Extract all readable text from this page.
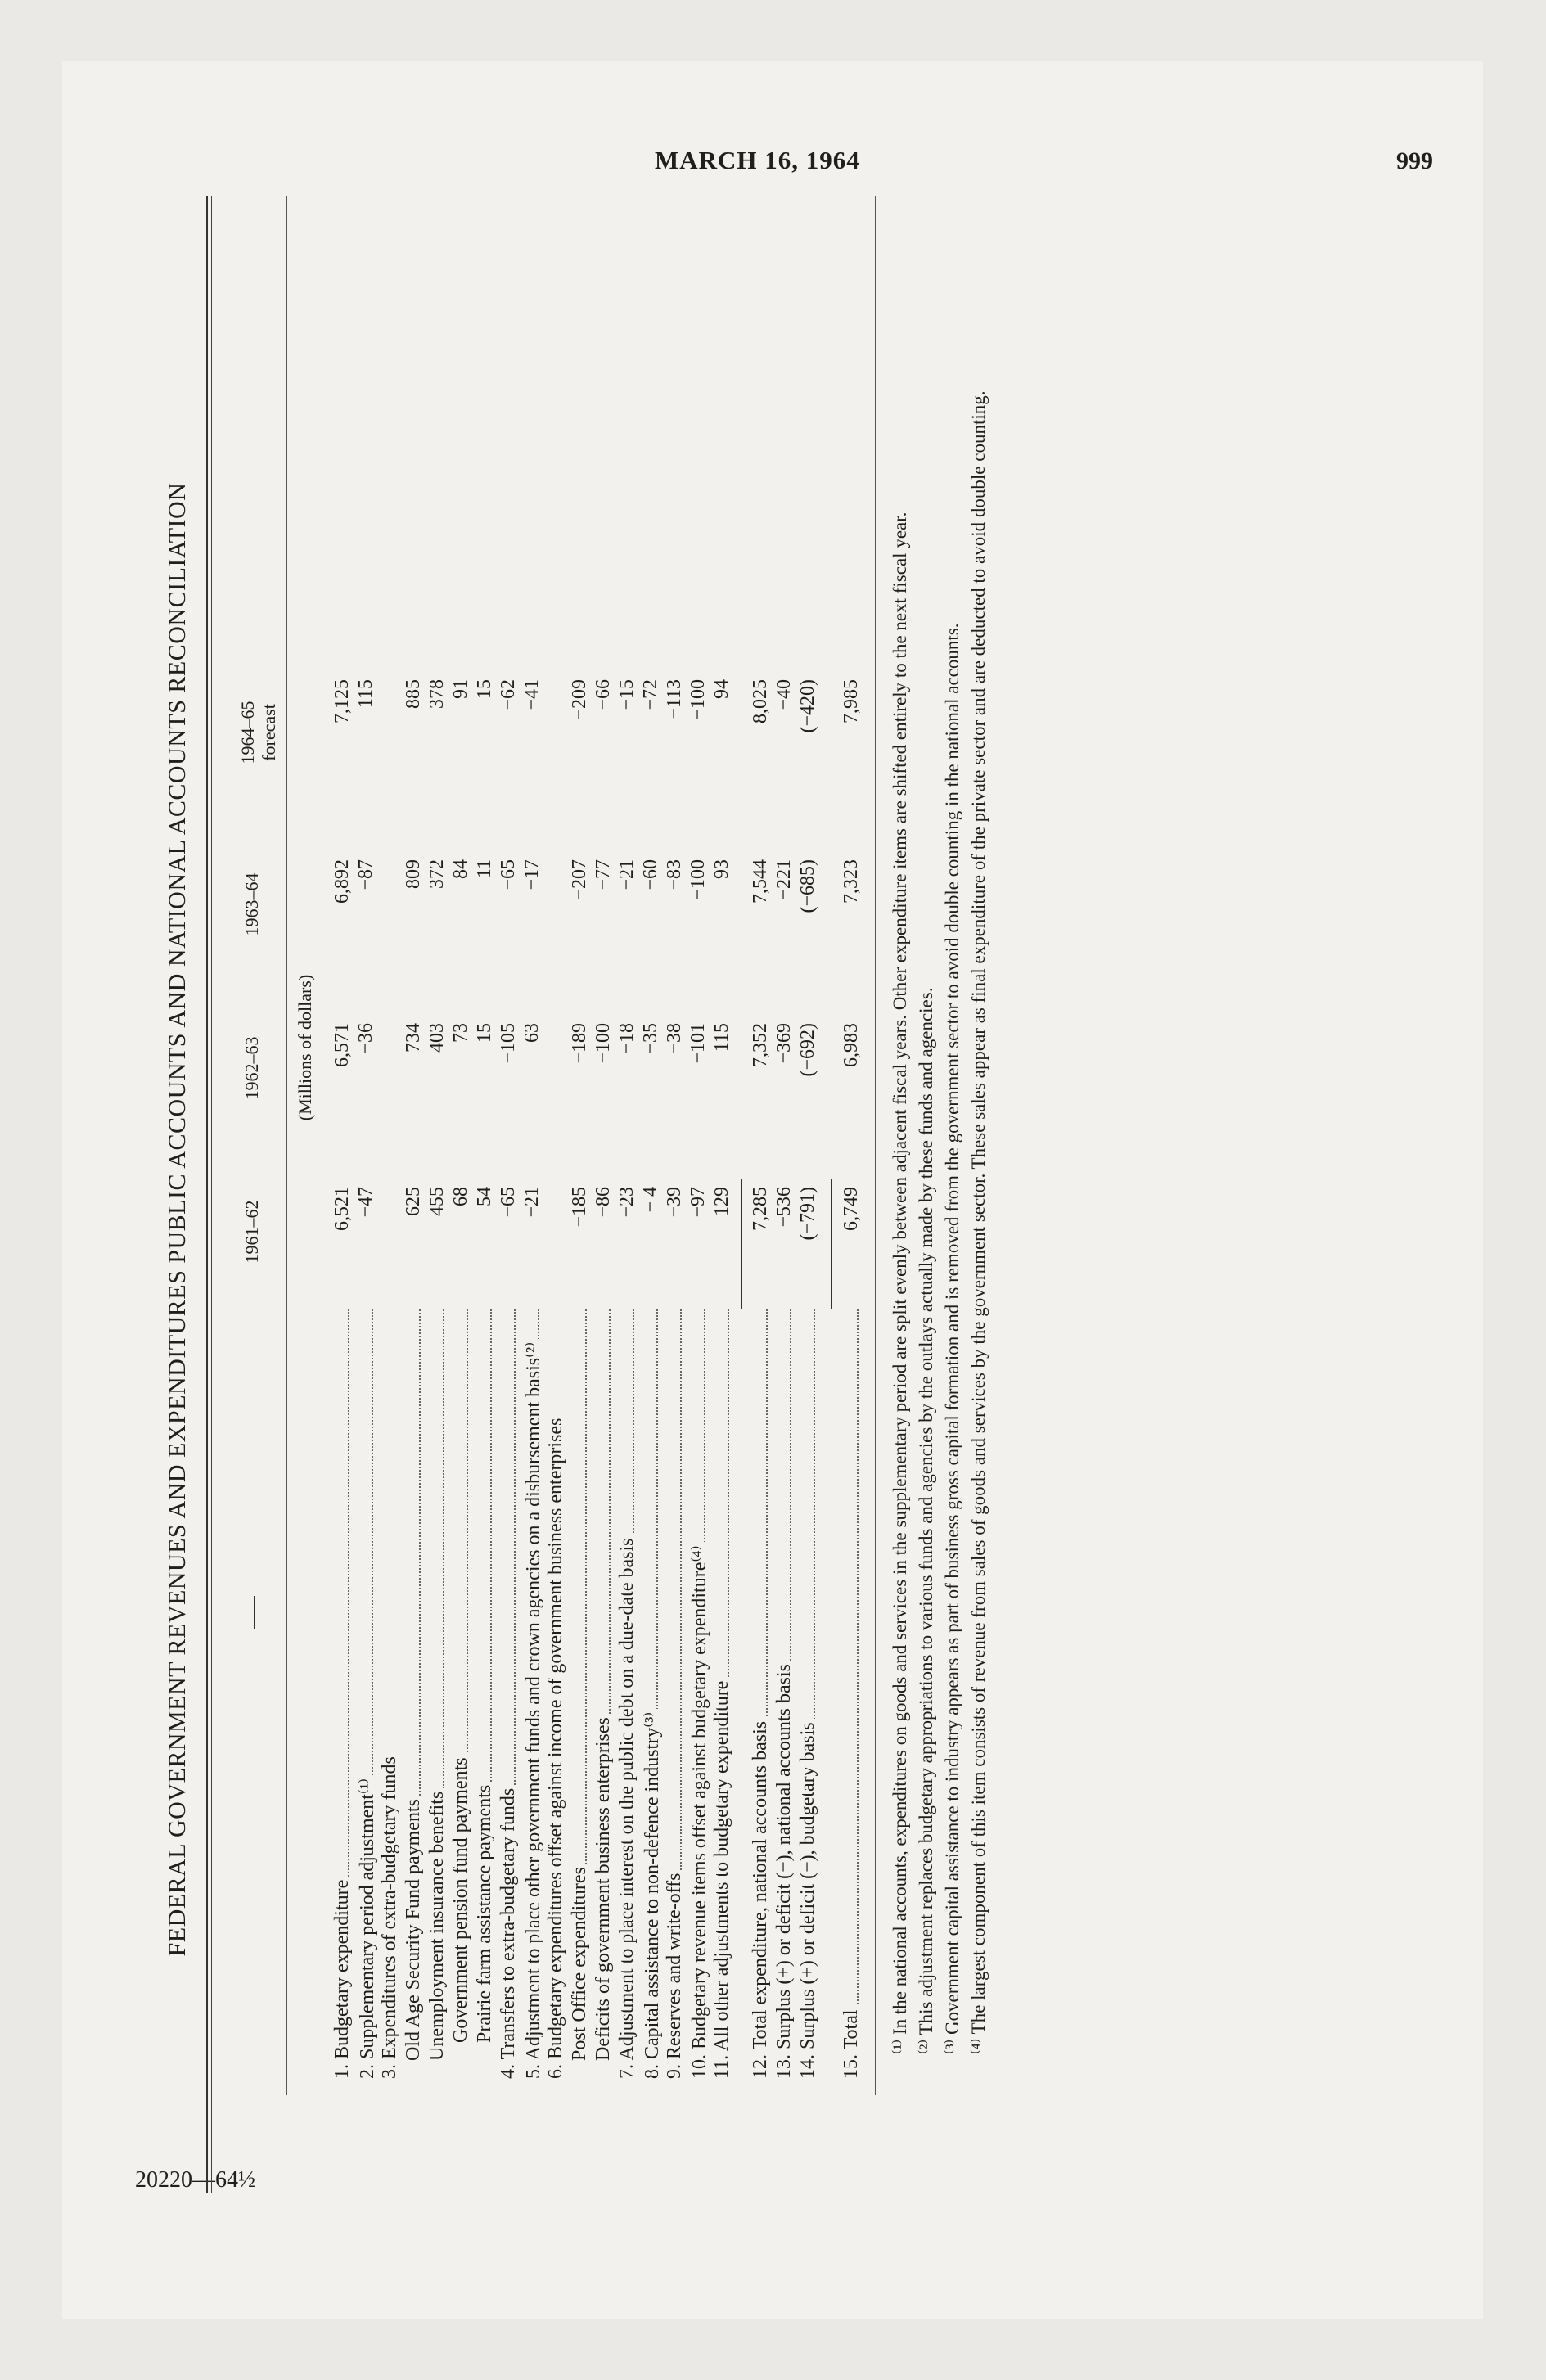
MARCH 16, 1964	999
20220—64½
FEDERAL GOVERNMENT REVENUES AND EXPENDITURES PUBLIC ACCOUNTS AND NATIONAL ACCOUNTS RECONCILIATION	1961–62
1962–63
1963–64
1964–65 forecast
(Millions of dollars)
1. Budgetary expenditure
6,521
6,571
6,892
7,125
2. Supplementary period adjustment⁽¹⁾
−47
−36
−87
115
3. Expenditures of extra-budgetary funds Old Age Security Fund payments
625
734
809
885
Unemployment insurance benefits
455
403
372
378
Government pension fund payments
68
73
84
91
Prairie farm assistance payments
54
15
11
15
4. Transfers to extra-budgetary funds
−65
−105
−65
−62
5. Adjustment to place other government funds and crown agencies on a disbursement basis⁽²⁾
−21
63
−17
−41
6. Budgetary expenditures offset against income of government business enterprises Post Office expenditures
−185
−189
−207
−209
Deficits of government business enterprises
−86
−100
−77
−66
7. Adjustment to place interest on the public debt on a due-date basis
−23
−18
−21
−15
8. Capital assistance to non-defence industry⁽³⁾
− 4
−35
−60
−72
9. Reserves and write-offs
−39
−38
−83
−113
10. Budgetary revenue items offset against budgetary expenditure⁽⁴⁾
−97
−101
−100
−100
11. All other adjustments to budgetary expenditure
129
115
93
94
12. Total expenditure, national accounts basis
7,285
7,352
7,544
8,025
13. Surplus (+) or deficit (−), national accounts basis
−536
−369
−221
−40
14. Surplus (+) or deficit (−), budgetary basis
(−791)
(−692)
(−685)
(−420)
15. Total
6,749
6,983
7,323
7,985 ⁽¹⁾ In the national accounts, expenditures on goods and services in the supplementary period are split evenly between adjacent fiscal years. Other expenditure items are shifted entirely to the next fiscal year. ⁽²⁾ This adjustment replaces budgetary appropriations to various funds and agencies by the outlays actually made by these funds and agencies. ⁽³⁾ Government capital assistance to industry appears as part of business gross capital formation and is removed from the government sector to avoid double counting in the national accounts. ⁽⁴⁾ The largest component of this item consists of revenue from sales of goods and services by the government sector. These sales appear as final expenditure of the private sector and are deducted to avoid double counting.
